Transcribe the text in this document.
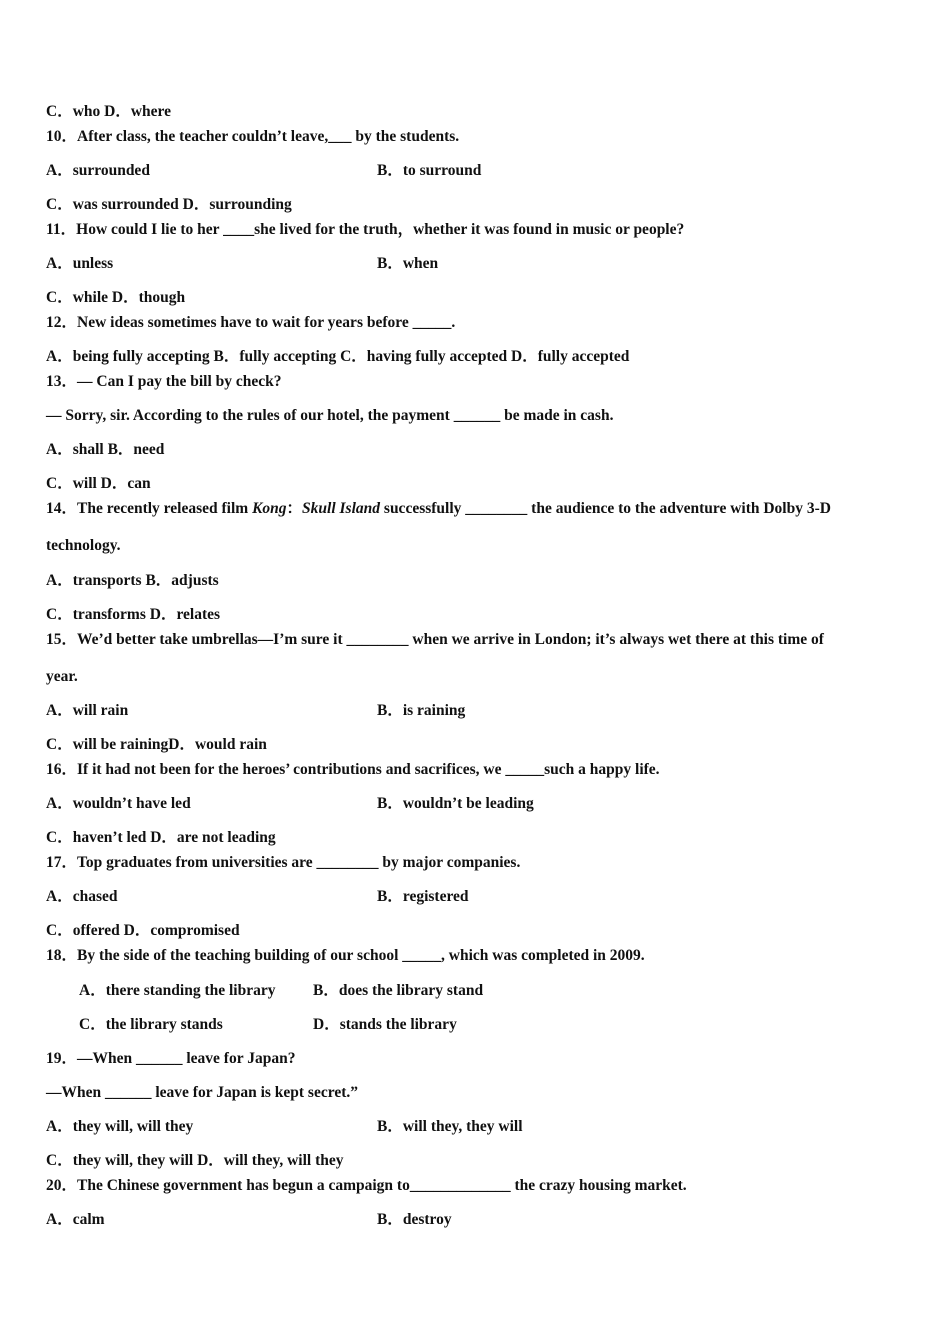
C．who D．where
10．After class, the teacher couldn’t leave,___ by the students.
A．surrounded	B．to surround
C．was surrounded D．surrounding
11．How could I lie to her ____she lived for the truth，whether it was found in music or people?
A．unless	B．when
C．while D．though
12．New ideas sometimes have to wait for years before _____.
A．being fully accepting B．fully accepting C．having fully accepted D．fully accepted
13．— Can I pay the bill by check?
— Sorry, sir. According to the rules of our hotel, the payment ______ be made in cash.
A．shall B．need
C．will D．can
14．The recently released film Kong：Skull Island successfully ________ the audience to the adventure with Dolby 3-D
technology.
A．transports B．adjusts
C．transforms D．relates
15．We’d better take umbrellas—I’m sure it ________ when we arrive in London; it’s always wet there at this time of
year.
A．will rain	B．is raining
C．will be rainingD．would rain
16．If it had not been for the heroes’ contributions and sacrifices, we _____such a happy life.
A．wouldn’t have led	B．wouldn’t be leading
C．haven’t led D．are not leading
17．Top graduates from universities are ________ by major companies.
A．chased	B．registered
C．offered D．compromised
18．By the side of the teaching building of our school _____, which was completed in 2009.
A．there standing the library B．does the library stand
C．the library stands	D．stands the library
19．—When ______ leave for Japan?
—When ______ leave for Japan is kept secret.”
A．they will, will they	B．will they, they will
C．they will, they will D．will they, will they
20．The Chinese government has begun a campaign to_____________ the crazy housing market.
A．calm	B．destroy
